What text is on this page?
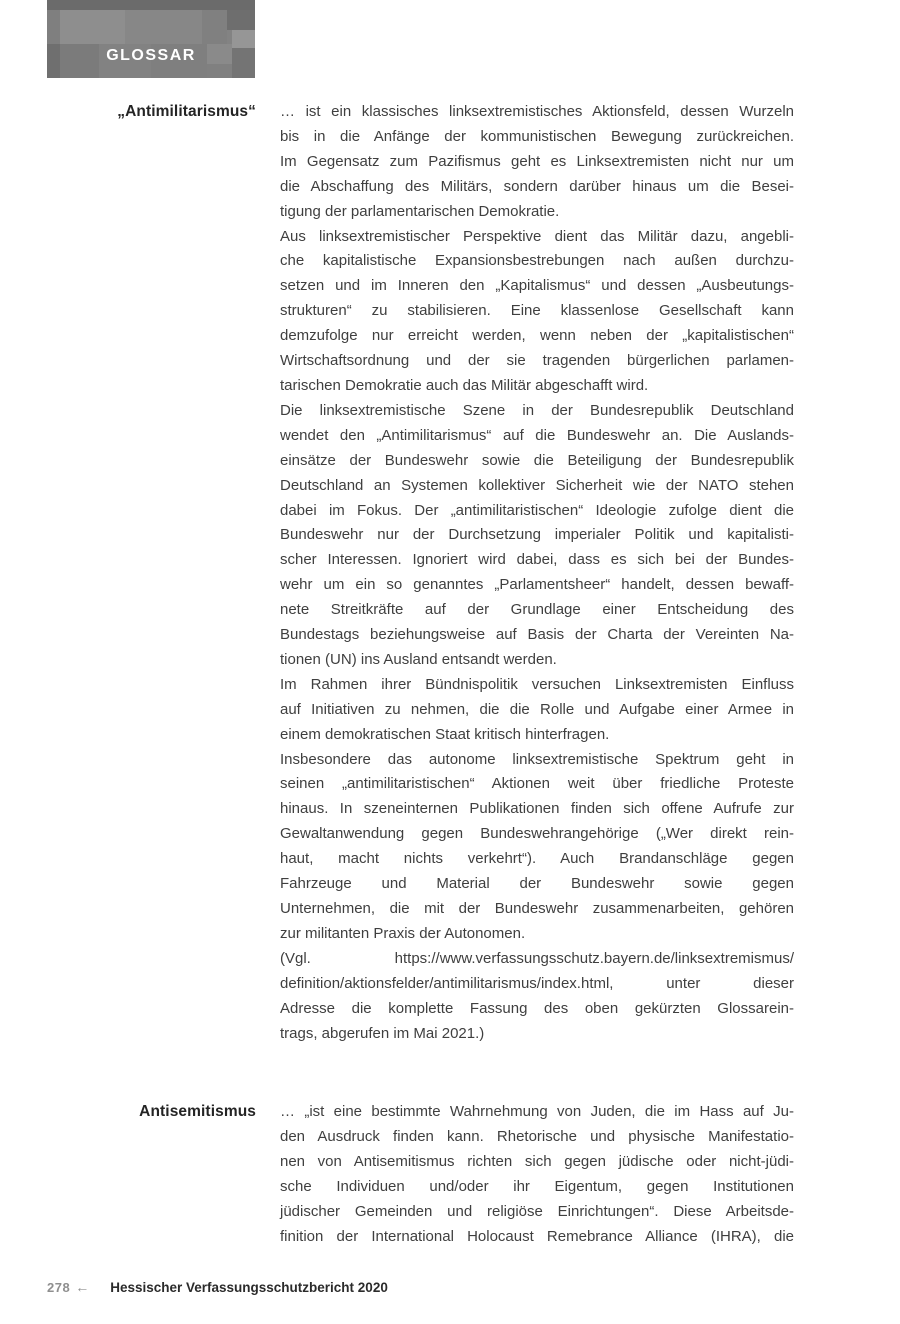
GLOSSAR
„Antimilitarismus“ … ist ein klassisches linksextremistisches Aktionsfeld, dessen Wurzeln
bis in die Anfänge der kommunistischen Bewegung zurückreichen.
Im Gegensatz zum Pazifismus geht es Linksextremisten nicht nur um
die Abschaffung des Militärs, sondern darüber hinaus um die Besei-
tigung der parlamentarischen Demokratie.
Aus linksextremistischer Perspektive dient das Militär dazu, angebli-
che kapitalistische Expansionsbestrebungen nach außen durchzu-
setzen und im Inneren den „Kapitalismus“ und dessen „Ausbeutungs-
strukturen“ zu stabilisieren. Eine klassenlose Gesellschaft kann
demzufolge nur erreicht werden, wenn neben der „kapitalistischen“
Wirtschaftsordnung und der sie tragenden bürgerlichen parlamen-
tarischen Demokratie auch das Militär abgeschafft wird.
Die linksextremistische Szene in der Bundesrepublik Deutschland
wendet den „Antimilitarismus“ auf die Bundeswehr an. Die Auslands-
einsätze der Bundeswehr sowie die Beteiligung der Bundesrepublik
Deutschland an Systemen kollektiver Sicherheit wie der NATO stehen
dabei im Fokus. Der „antimilitaristischen“ Ideologie zufolge dient die
Bundeswehr nur der Durchsetzung imperialer Politik und kapitalisti-
scher Interessen. Ignoriert wird dabei, dass es sich bei der Bundes-
wehr um ein so genanntes „Parlamentsheer“ handelt, dessen bewaff-
nete Streitkräfte auf der Grundlage einer Entscheidung des
Bundestags beziehungsweise auf Basis der Charta der Vereinten Na-
tionen (UN) ins Ausland entsandt werden.
Im Rahmen ihrer Bündnispolitik versuchen Linksextremisten Einfluss
auf Initiativen zu nehmen, die die Rolle und Aufgabe einer Armee in
einem demokratischen Staat kritisch hinterfragen.
Insbesondere das autonome linksextremistische Spektrum geht in
seinen „antimilitaristischen“ Aktionen weit über friedliche Proteste
hinaus. In szeneinternen Publikationen finden sich offene Aufrufe zur
Gewaltanwendung gegen Bundeswehrangehörige („Wer direkt rein-
haut, macht nichts verkehrt“). Auch Brandanschläge gegen
Fahrzeuge und Material der Bundeswehr sowie gegen
Unternehmen, die mit der Bundeswehr zusammenarbeiten, gehören
zur militanten Praxis der Autonomen.
(Vgl. https://www.verfassungsschutz.bayern.de/linksextremismus/
definition/aktionsfelder/antimilitarismus/index.html, unter dieser
Adresse die komplette Fassung des oben gekürzten Glossarein-
trags, abgerufen im Mai 2021.)
Antisemitismus … „ist eine bestimmte Wahrnehmung von Juden, die im Hass auf Ju-
den Ausdruck finden kann. Rhetorische und physische Manifestatio-
nen von Antisemitismus richten sich gegen jüdische oder nicht-jüdi-
sche Individuen und/oder ihr Eigentum, gegen Institutionen
jüdischer Gemeinden und religiöse Einrichtungen“. Diese Arbeitsde-
finition der International Holocaust Remebrance Alliance (IHRA), die
278 ← Hessischer Verfassungsschutzbericht 2020
